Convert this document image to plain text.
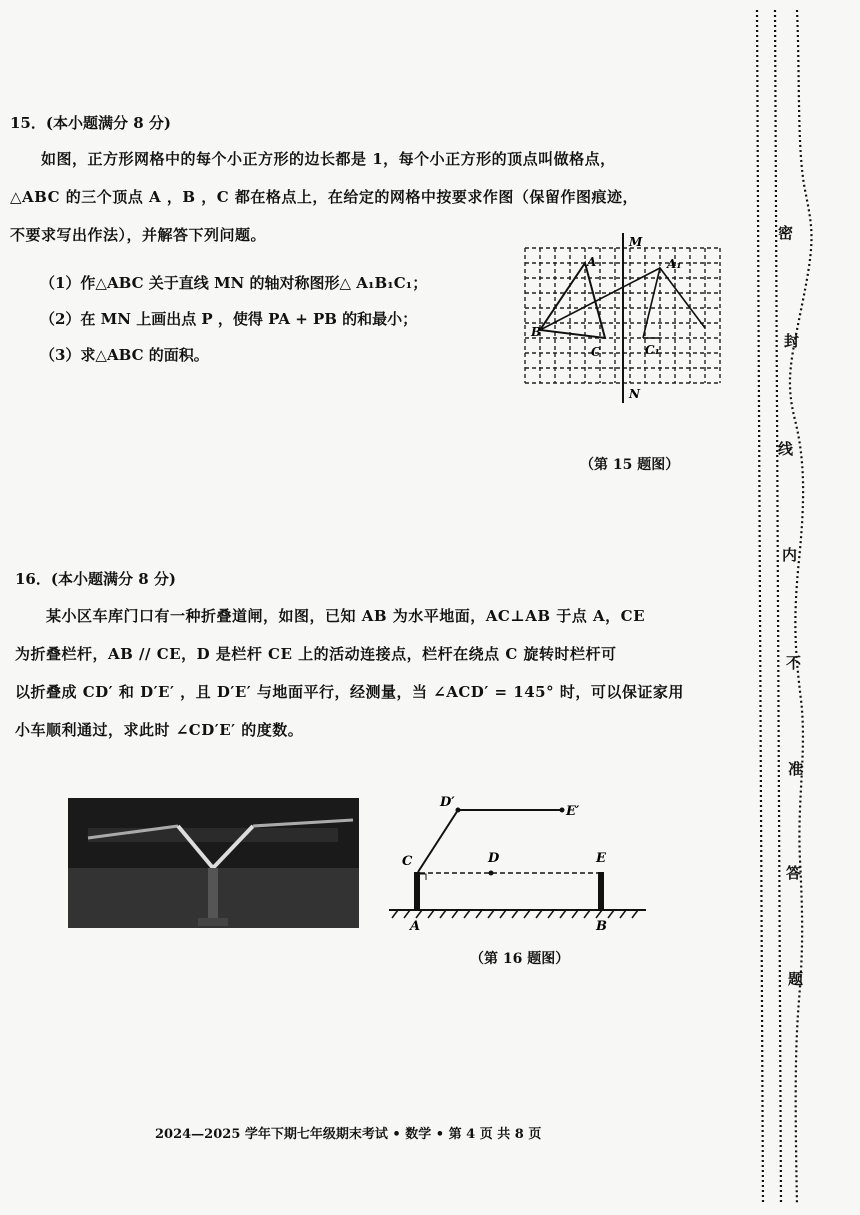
15．(本小题满分 8 分)
　　如图，正方形网格中的每个小正方形的边长都是 1，每个小正方形的顶点叫做格点，
△ABC 的三个顶点 A ，B ，C 都在格点上，在给定的网格中按要求作图（保留作图痕迹，
不要求写出作法），并解答下列问题。
（1）作△ABC 关于直线 MN 的轴对称图形△ A₁B₁C₁；
（2）在 MN 上画出点 P ，使得 PA + PB 的和最小；
（3）求△ABC 的面积。
M
N
A
B
C
A₁
C₁
（第 15 题图）
16．(本小题满分 8 分)
　　某小区车库门口有一种折叠道闸，如图，已知 AB 为水平地面，AC⊥AB 于点 A，CE
为折叠栏杆，AB // CE，D 是栏杆 CE 上的活动连接点，栏杆在绕点 C 旋转时栏杆可
以折叠成 CD′ 和 D′E′ ，且 D′E′ 与地面平行，经测量，当 ∠ACD′ = 145° 时，可以保证家用
小车顺利通过，求此时 ∠CD′E′ 的度数。
C	D	E
A	B
D′
E′
（第 16 题图）
2024—2025 学年下期七年级期末考试 • 数学 • 第 4 页 共 8 页
密
封
线
内
不
准
答
题
